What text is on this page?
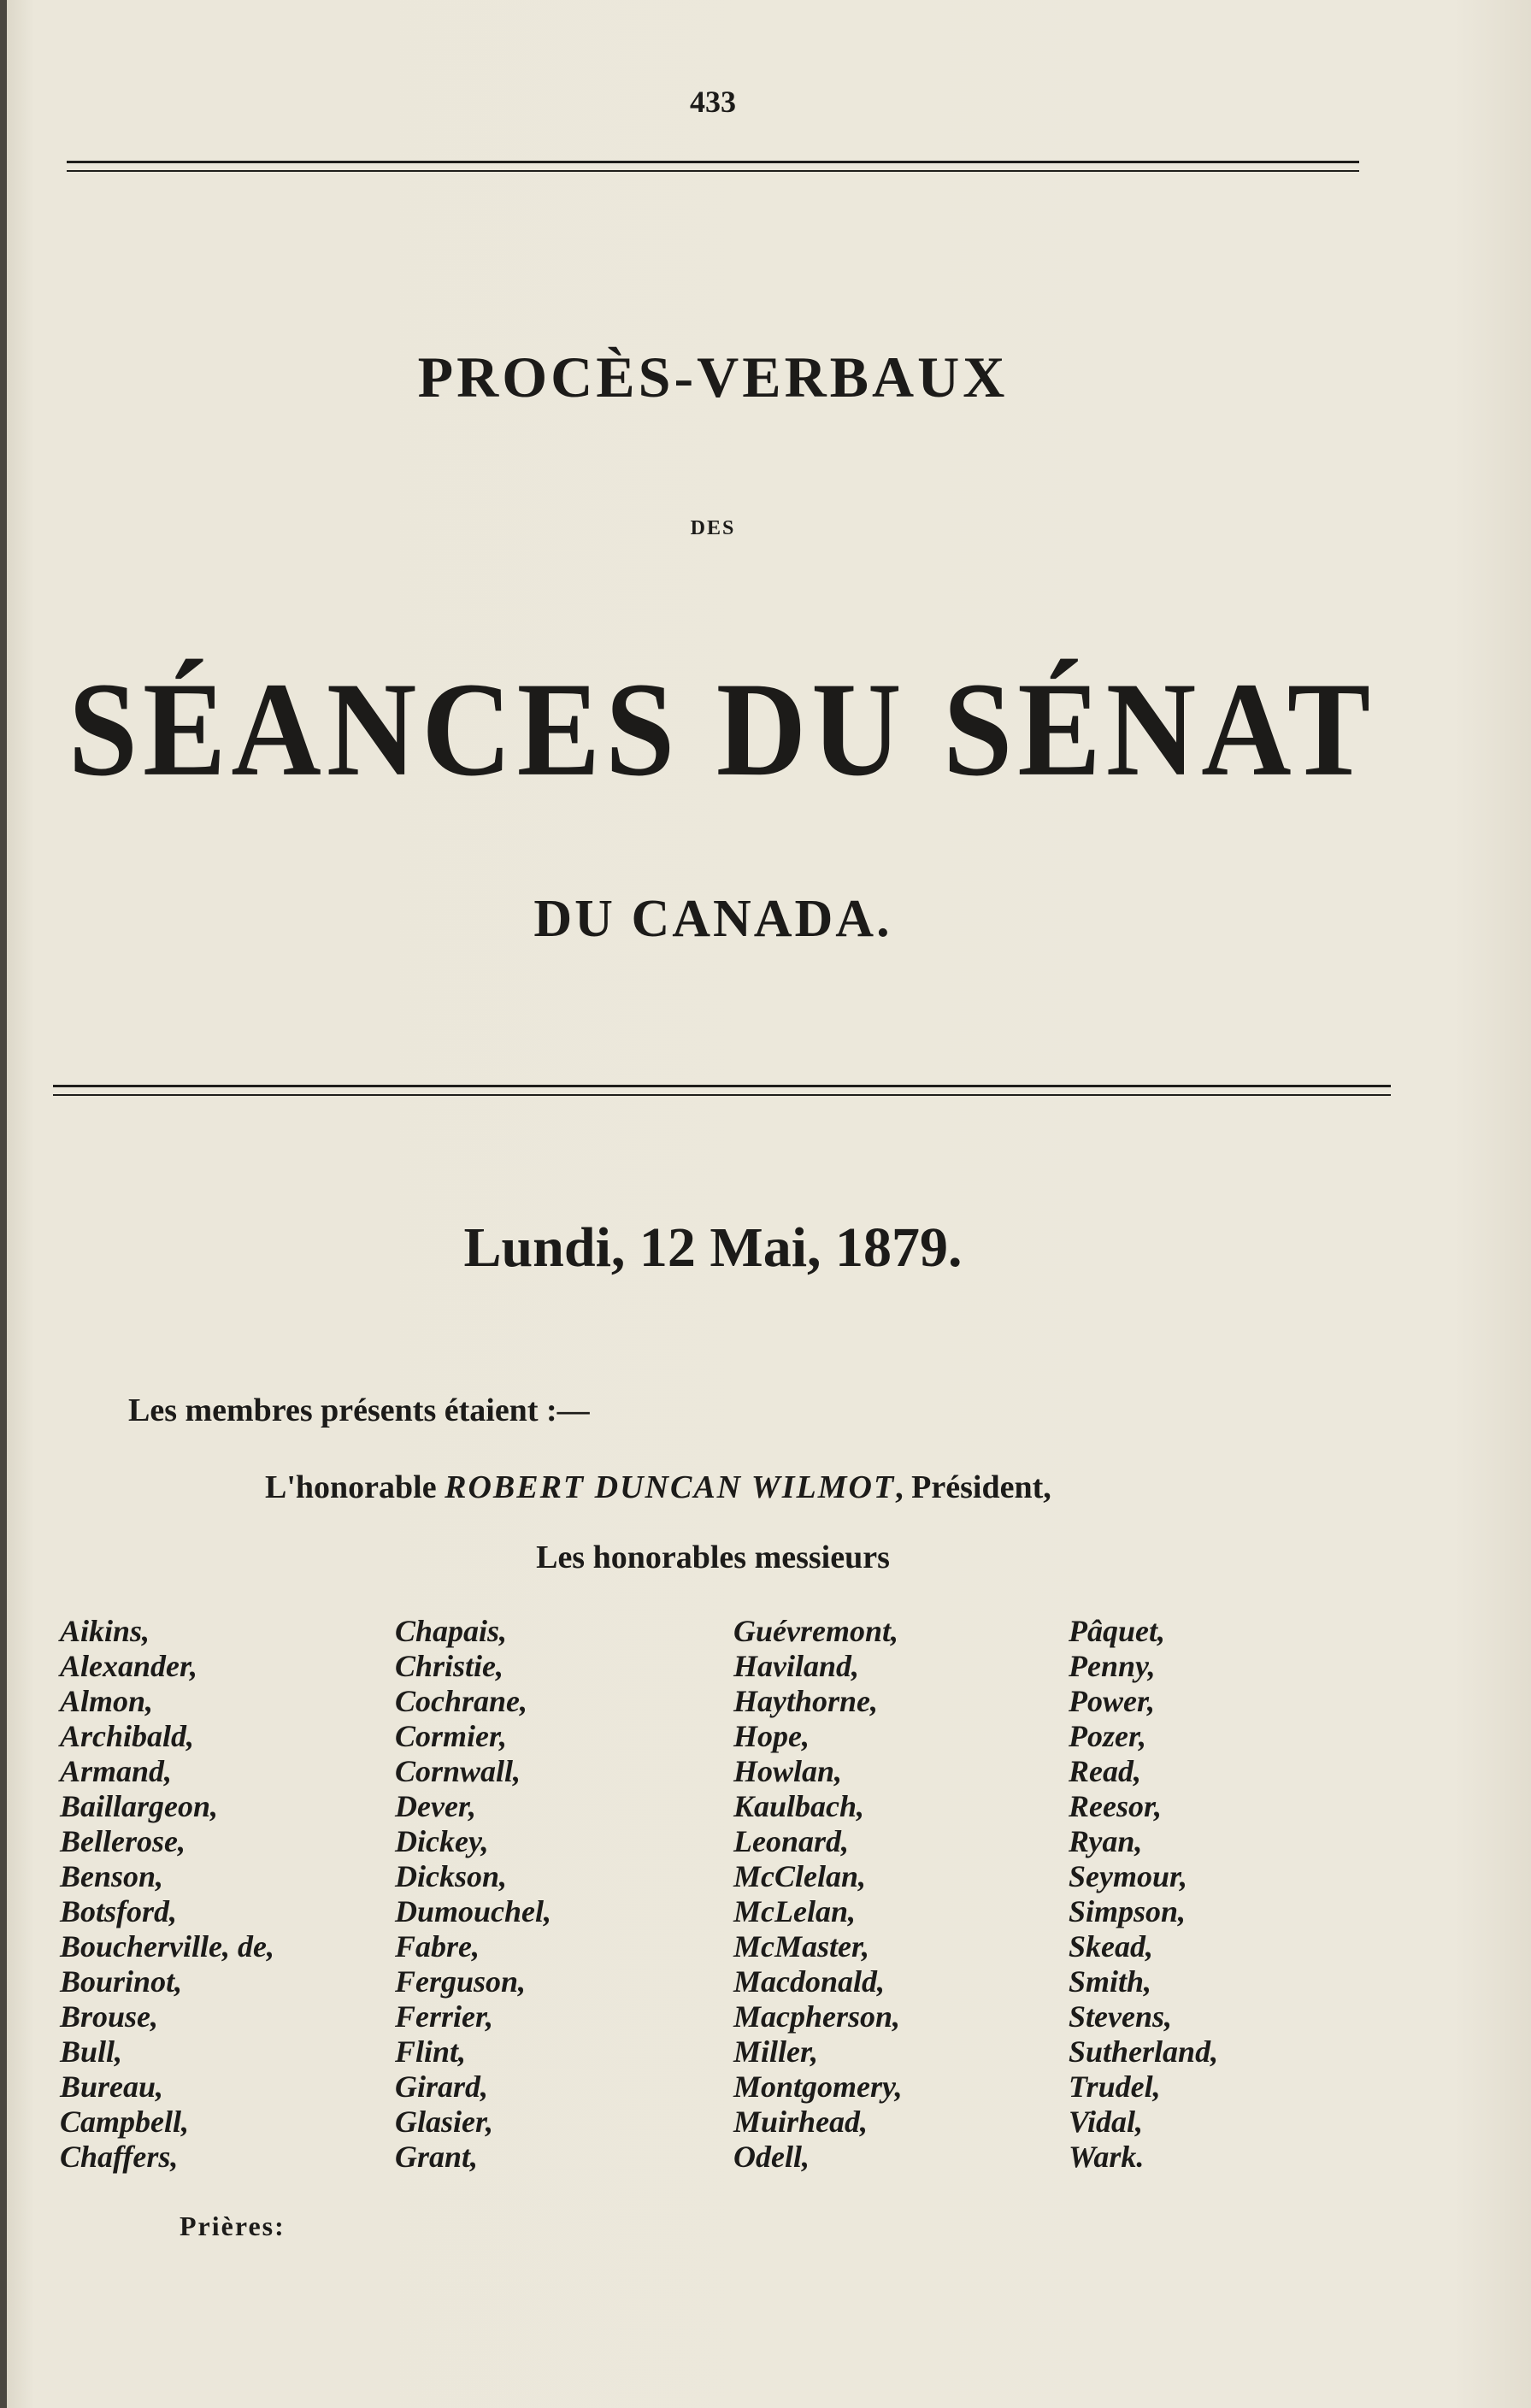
433
PROCÈS-VERBAUX
DES
SÉANCES DU SÉNAT
DU CANADA.
Lundi, 12 Mai, 1879.
Les membres présents étaient :—
L'honorable ROBERT DUNCAN WILMOT, Président,
Les honorables messieurs
Aikins,
Alexander,
Almon,
Archibald,
Armand,
Baillargeon,
Bellerose,
Benson,
Botsford,
Boucherville, de,
Bourinot,
Brouse,
Bull,
Bureau,
Campbell,
Chaffers,
Chapais,
Christie,
Cochrane,
Cormier,
Cornwall,
Dever,
Dickey,
Dickson,
Dumouchel,
Fabre,
Ferguson,
Ferrier,
Flint,
Girard,
Glasier,
Grant,
Guévremont,
Haviland,
Haythorne,
Hope,
Howlan,
Kaulbach,
Leonard,
McClelan,
McLelan,
McMaster,
Macdonald,
Macpherson,
Miller,
Montgomery,
Muirhead,
Odell,
Pâquet,
Penny,
Power,
Pozer,
Read,
Reesor,
Ryan,
Seymour,
Simpson,
Skead,
Smith,
Stevens,
Sutherland,
Trudel,
Vidal,
Wark.
Prières:
